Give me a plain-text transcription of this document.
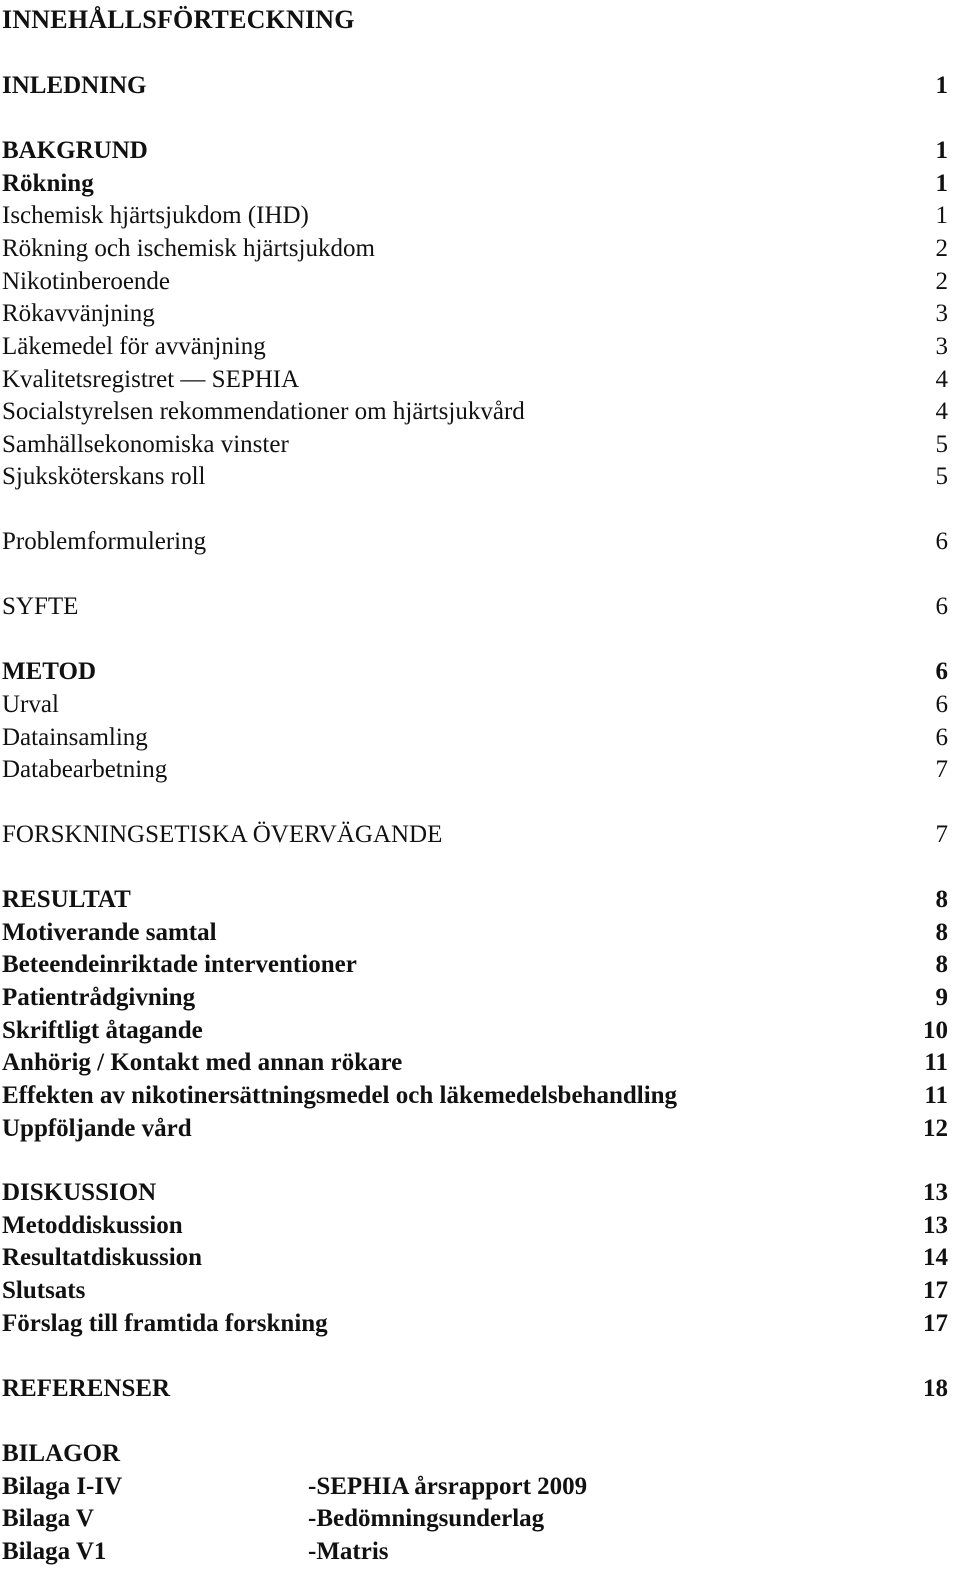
INNEHÅLLSFÖRTECKNING
INLEDNING	1
BAKGRUND	1
Rökning	1
Ischemisk hjärtsjukdom (IHD)	1
Rökning och ischemisk hjärtsjukdom	2
Nikotinberoende	2
Rökavvänjning	3
Läkemedel för avvänjning	3
Kvalitetsregistret — SEPHIA	4
Socialstyrelsen rekommendationer om hjärtsjukvård	4
Samhällsekonomiska vinster	5
Sjuksköterskans roll	5
Problemformulering	6
SYFTE	6
METOD	6
Urval	6
Datainsamling	6
Databearbetning	7
FORSKNINGSETISKA ÖVERVÄGANDE	7
RESULTAT	8
Motiverande samtal	8
Beteendeinriktade interventioner	8
Patientrådgivning	9
Skriftligt åtagande	10
Anhörig / Kontakt med annan rökare	11
Effekten av nikotinersättningsmedel och läkemedelsbehandling	11
Uppföljande vård	12
DISKUSSION	13
Metoddiskussion	13
Resultatdiskussion	14
Slutsats	17
Förslag till framtida forskning	17
REFERENSER	18
BILAGOR
Bilaga I-IV	-SEPHIA årsrapport 2009
Bilaga V	-Bedömningsunderlag
Bilaga V1	-Matris
